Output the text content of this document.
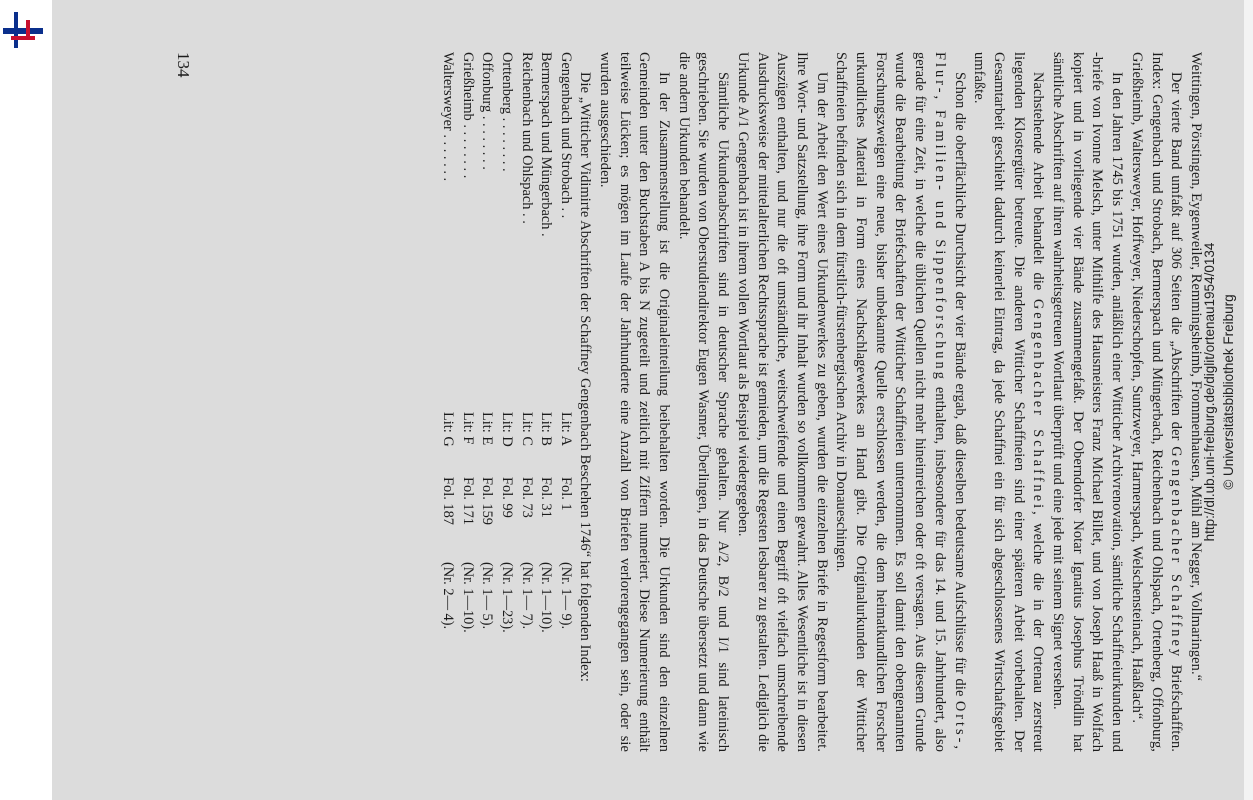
Weittingen, Pörstingen, Eygenweiler, Remmingsheimb, Frommenhausen, Mühl am Negger, Vollmaringen.“

Der vierte Band umfaßt auf 306 Seiten die „Abschriften der Gengenbacher Schaffney Briefschafften. Index: Gengenbach und Strobach, Bermerspach und Müngerbach, Reichenbach und Ohlspach, Ortenberg, Offonburg, Grießheimb, Waltersweyer, Hoffweyer, Niederschopfen, Suntzweyer, Harmerspach, Welschensteinach, Haaßlach“.

In den Jahren 1745 bis 1751 wurden, anläßlich einer Witticher Archivrenovation, sämtliche Schaffneiurkunden und -briefe von Ivonne Melsch, unter Mithilfe des Hausmeisters Franz Michael Billet, und von Joseph Haaß in Wolfach kopiert und in vorliegende vier Bände zusammengefaßt. Der Oberndorfer Notar Ignatius Josephus Tröndlin hat sämtliche Abschriften auf ihren wahrheitsgetreuen Wortlaut überprüft und eine jede mit seinem Signet versehen.

Nachstehende Arbeit behandelt die Gengenbacher Schaffnei, welche die in der Ortenau zerstreut liegenden Klostergüter betreute. Die anderen Witticher Schaffneien sind einer späteren Arbeit vorbehalten. Der Gesamtarbeit geschieht dadurch keinerlei Eintrag, da jede Schaffnei ein für sich abgeschlossenes Wirtschaftsgebiet umfaßte.

Schon die oberflächliche Durchsicht der vier Bände ergab, daß dieselben bedeutsame Aufschlüsse für die Orts-, Flur-, Familien- und Sippenforschung enthalten, insbesondere für das 14. und 15. Jahrhundert, also gerade für eine Zeit, in welche die üblichen Quellen nicht mehr hineinreichen oder oft versagen. Aus diesem Grunde wurde die Bearbeitung der Briefschaften der Witticher Schaffneien unternommen. Es soll damit den obengenannten Forschungszweigen eine neue, bisher unbekannte Quelle erschlossen werden, die dem heimatkundlichen Forscher urkundliches Material in Form eines Nachschlagewerkes an Hand gibt. Die Originalurkunden der Witticher Schaffneien befinden sich in dem fürstlich-fürstenbergischen Archiv in Donaueschingen.

Um der Arbeit den Wert eines Urkundenwerkes zu geben, wurden die einzelnen Briefe in Regestform bearbeitet. Ihre Wort- und Satzstellung, ihre Form und ihr Inhalt wurden so vollkommen gewahrt. Alles Wesentliche ist in diesen Auszügen enthalten, und nur die oft umständliche, weitschweifende und einen Begriff oft vielfach umschreibende Ausdrucksweise der mittelalterlichen Rechtssprache ist gemieden, um die Regesten lesbarer zu gestalten. Lediglich die Urkunde A/1 Gengenbach ist in ihrem vollen Wortlaut als Beispiel wiedergegeben.

Sämtliche Urkundenabschriften sind in deutscher Sprache gehalten. Nur A/2, B/2 und I/1 sind lateinisch geschrieben. Sie wurden von Oberstudiendirektor Eugen Wasmer, Überlingen, in das Deutsche übersetzt und dann wie die andern Urkunden behandelt.

In der Zusammenstellung ist die Originaleinteilung beibehalten worden. Die Urkunden sind den einzelnen Gemeinden unter den Buchstaben A bis N zugeteilt und zeitlich mit Ziffern numeriert. Diese Numerierung enthält teilweise Lücken; es mögen im Laufe der Jahrhunderte eine Anzahl von Briefen verlorengegangen sein, oder sie wurden ausgeschieden.

Die „Witticher Vidimirte Abschriften der Schaffney Gengenbach Beschehen 1746“ hat folgenden Index:

Gengenbach und Strobach . .
Lit: A
Fol. 1
(Nr. 1— 9).
Bermerspach und Müngerbach .
Lit: B
Fol. 31
(Nr. 1—10).
Reichenbach und Ohlspach . .
Lit: C
Fol. 73
(Nr. 1— 7).
Orttenberg . . . . . . . .
Lit: D
Fol. 99
(Nr. 1—23).
Offonburg . . . . . . . .
Lit: E
Fol. 159
(Nr. 1— 5).
Grießheimb . . . . . . . .
Lit: F
Fol. 171
(Nr. 1—10).
Waltersweyer . . . . . . .
Lit: G
Fol. 187
(Nr. 2— 4).
134
http://dl.ub.uni-freiburg.de/diglit/ortenau1954/0134 © Universitätsbibliothek Freiburg
